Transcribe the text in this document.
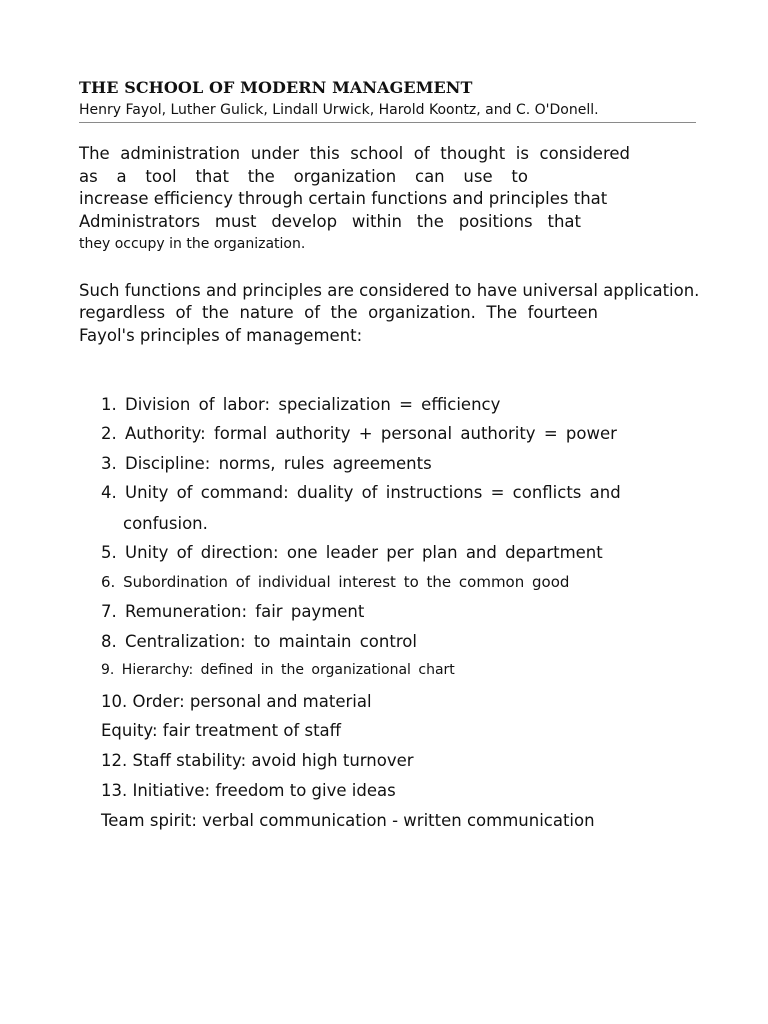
THE SCHOOL OF MODERN MANAGEMENT
Henry Fayol, Luther Gulick, Lindall Urwick, Harold Koontz, and C. O'Donell.
The administration under this school of thought is considered
as a tool that the organization can use to
increase efficiency through certain functions and principles that
Administrators must develop within the positions that
they occupy in the organization.
Such functions and principles are considered to have universal application.
regardless of the nature of the organization. The fourteen
Fayol's principles of management:
1. Division of labor: specialization = efficiency
2. Authority: formal authority + personal authority = power
3. Discipline: norms, rules agreements
4. Unity of command: duality of instructions = conflicts and
confusion.
5. Unity of direction: one leader per plan and department
6. Subordination of individual interest to the common good
7. Remuneration: fair payment
8. Centralization: to maintain control
9. Hierarchy: defined in the organizational chart
10. Order: personal and material
Equity: fair treatment of staff
12. Staff stability: avoid high turnover
13. Initiative: freedom to give ideas
Team spirit: verbal communication - written communication
